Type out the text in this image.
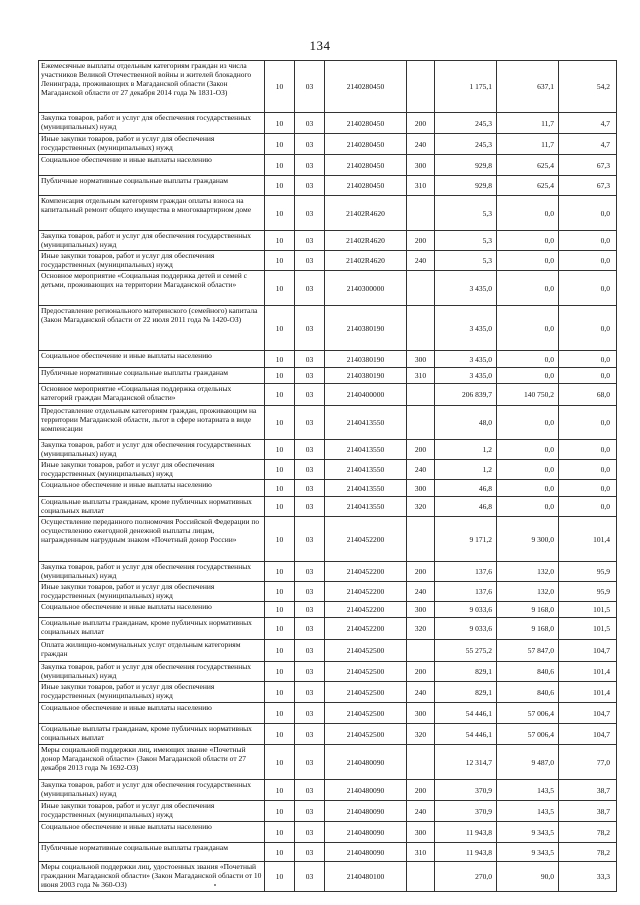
134
Ежемесячные выплаты отдельным категориям граждан из числа участников Великой Отечественной войны и жителей блокадного Ленинграда, проживающих в Магаданской области (Закон Магаданской области от 27 декабря 2014 года № 1831-ОЗ)	10	03	2140280450		1 175,1	637,1	54,2
Закупка товаров, работ и услуг для обеспечения государственных (муниципальных) нужд	10	03	2140280450	200	245,3	11,7	4,7
Иные закупки товаров, работ и услуг для обеспечения государственных (муниципальных) нужд	10	03	2140280450	240	245,3	11,7	4,7
Социальное обеспечение и иные выплаты населению	10	03	2140280450	300	929,8	625,4	67,3
Публичные нормативные социальные выплаты гражданам	10	03	2140280450	310	929,8	625,4	67,3
Компенсация отдельным категориям граждан оплаты взноса на капитальный ремонт общего имущества в многоквартирном доме	10	03	21402R4620		5,3	0,0	0,0
Закупка товаров, работ и услуг для обеспечения государственных (муниципальных) нужд	10	03	21402R4620	200	5,3	0,0	0,0
Иные закупки товаров, работ и услуг для обеспечения государственных (муниципальных) нужд	10	03	21402R4620	240	5,3	0,0	0,0
Основное мероприятие «Социальная поддержка детей и семей с детьми, проживающих на территории Магаданской области»	10	03	2140300000		3 435,0	0,0	0,0
Предоставление регионального материнского (семейного) капитала (Закон Магаданской области от 22 июля 2011 года № 1420-ОЗ)	10	03	2140380190		3 435,0	0,0	0,0
Социальное обеспечение и иные выплаты населению	10	03	2140380190	300	3 435,0	0,0	0,0
Публичные нормативные социальные выплаты гражданам	10	03	2140380190	310	3 435,0	0,0	0,0
Основное мероприятие «Социальная поддержка отдельных категорий граждан Магаданской области»	10	03	2140400000		206 839,7	140 750,2	68,0
Предоставление отдельным категориям граждан, проживающим на территории Магаданской области, льгот в сфере нотариата в виде компенсации	10	03	2140413550		48,0	0,0	0,0
Закупка товаров, работ и услуг для обеспечения государственных (муниципальных) нужд	10	03	2140413550	200	1,2	0,0	0,0
Иные закупки товаров, работ и услуг для обеспечения государственных (муниципальных) нужд	10	03	2140413550	240	1,2	0,0	0,0
Социальное обеспечение и иные выплаты населению	10	03	2140413550	300	46,8	0,0	0,0
Социальные выплаты гражданам, кроме публичных нормативных социальных выплат	10	03	2140413550	320	46,8	0,0	0,0
Осуществление переданного полномочия Российской Федерации по осуществлению ежегодной денежной выплаты лицам, награжденным нагрудным знаком «Почетный донор России»	10	03	2140452200		9 171,2	9 300,0	101,4
Закупка товаров, работ и услуг для обеспечения государственных (муниципальных) нужд	10	03	2140452200	200	137,6	132,0	95,9
Иные закупки товаров, работ и услуг для обеспечения государственных (муниципальных) нужд	10	03	2140452200	240	137,6	132,0	95,9
Социальное обеспечение и иные выплаты населению	10	03	2140452200	300	9 033,6	9 168,0	101,5
Социальные выплаты гражданам, кроме публичных нормативных социальных выплат	10	03	2140452200	320	9 033,6	9 168,0	101,5
Оплата жилищно-коммунальных услуг отдельным категориям граждан	10	03	2140452500		55 275,2	57 847,0	104,7
Закупка товаров, работ и услуг для обеспечения государственных (муниципальных) нужд	10	03	2140452500	200	829,1	840,6	101,4
Иные закупки товаров, работ и услуг для обеспечения государственных (муниципальных) нужд	10	03	2140452500	240	829,1	840,6	101,4
Социальное обеспечение и иные выплаты населению	10	03	2140452500	300	54 446,1	57 006,4	104,7
Социальные выплаты гражданам, кроме публичных нормативных социальных выплат	10	03	2140452500	320	54 446,1	57 006,4	104,7
Меры социальной поддержки лиц, имеющих звание «Почетный донор Магаданской области» (Закон Магаданской области от 27 декабря 2013 года № 1692-ОЗ)	10	03	2140480090		12 314,7	9 487,0	77,0
Закупка товаров, работ и услуг для обеспечения государственных (муниципальных) нужд	10	03	2140480090	200	370,9	143,5	38,7
Иные закупки товаров, работ и услуг для обеспечения государственных (муниципальных) нужд	10	03	2140480090	240	370,9	143,5	38,7
Социальное обеспечение и иные выплаты населению	10	03	2140480090	300	11 943,8	9 343,5	78,2
Публичные нормативные социальные выплаты гражданам	10	03	2140480090	310	11 943,8	9 343,5	78,2
Меры социальной поддержки лиц, удостоенных звания «Почетный гражданин Магаданской области» (Закон Магаданской области от 10 июня 2003 года № 360-ОЗ)	10	03	2140480100		270,0	90,0	33,3
